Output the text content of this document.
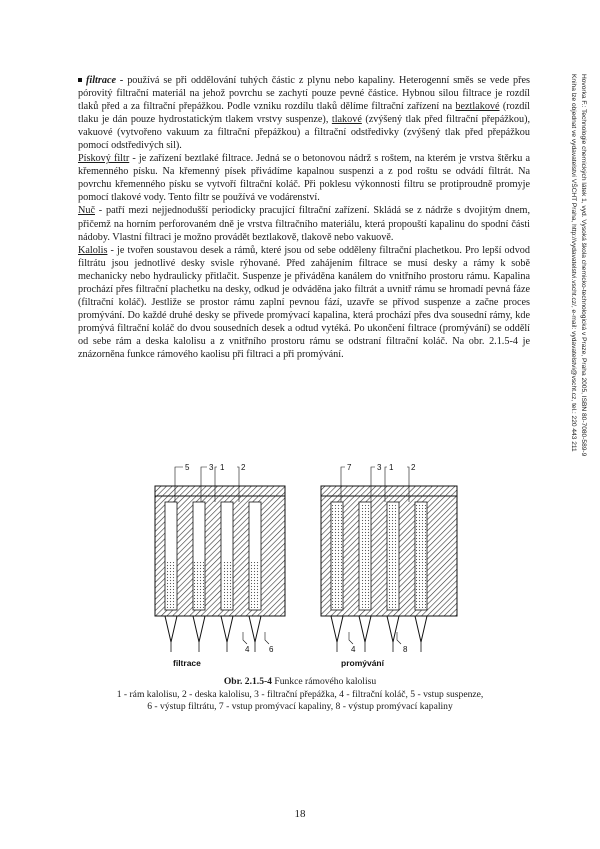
Hovorka F.: Technologie chemických látek 1, vyd. Vysoká škola chemicko-technologická v Praze, Praha 2005, ISBN 80-7080-589-9
Kniha lze objednat ve vydavatelství VŠCHT Praha, http://vydavatelstvi.vscht.cz/, e-mail: vydavatelstvi@vscht.cz, tel.: 220 443 211

filtrace - používá se při oddělování tuhých částic z plynu nebo kapaliny. Heterogenní směs se vede přes pórovitý filtrační materiál na jehož povrchu se zachytí pouze pevné částice. Hybnou silou filtrace je rozdíl tlaků před a za filtrační přepážkou. Podle vzniku rozdílu tlaků dělíme filtrační zařízení na beztlakové (rozdíl tlaku je dán pouze hydrostatickým tlakem vrstvy suspenze), tlakové (zvýšený tlak před filtrační přepážkou), vakuové (vytvořeno vakuum za filtrační přepážkou) a filtrační odstředivky (zvýšený tlak před přepážkou pomocí odstředivých sil).

Pískový filtr - je zařízení beztlaké filtrace. Jedná se o betonovou nádrž s roštem, na kterém je vrstva štěrku a křemenného písku. Na křemenný písek přivádíme kapalnou suspenzi a z pod roštu se odvádí filtrát. Na povrchu křemenného písku se vytvoří filtrační koláč. Při poklesu výkonnosti filtru se protiproudně promyje pomocí tlakové vody. Tento filtr se používá ve vodárenství.

Nuč - patří mezi nejjednodušší periodicky pracující filtrační zařízení. Skládá se z nádrže s dvojitým dnem, přičemž na horním perforovaném dně je vrstva filtračního materiálu, která propouští kapalinu do spodní části nádoby. Vlastní filtraci je možno provádět beztlakově, tlakově nebo vakuově.

Kalolis - je tvořen soustavou desek a rámů, které jsou od sebe odděleny filtrační plachetkou. Pro lepší odvod filtrátu jsou jednotlivé desky svisle rýhované. Před zahájením filtrace se musí desky a rámy k sobě mechanicky nebo hydraulicky přitlačit. Suspenze je přiváděna kanálem do vnitřního prostoru rámu. Kapalina prochází přes filtrační plachetku na desky, odkud je odváděna jako filtrát a uvnitř rámu se hromadí pevná fáze (filtrační koláč). Jestliže se prostor rámu zaplní pevnou fází, uzavře se přívod suspenze a začne proces promývání. Do každé druhé desky se přivede promývací kapalina, která prochází přes dva sousední rámy, kde promývá filtrační koláč do dvou sousedních desek a odtud vytéká. Po ukončení filtrace (promývání) se oddělí od sebe rám a deska kalolisu a z vnitřního prostoru rámu se odstraní filtrační koláč. Na obr. 2.1.5-4 je znázorněna funkce rámového kaolisu při filtraci a při promývání.

5 3 1 2
4 6
filtrace
7	3 1 2
4	8
promývání
Obr. 2.1.5-4 Funkce rámového kalolisu
1 - rám kalolisu, 2 - deska kalolisu, 3 - filtrační přepážka, 4 - filtrační koláč, 5 - vstup suspenze,
6 - výstup filtrátu, 7 - vstup promývací kapaliny, 8 - výstup promývací kapaliny
18
